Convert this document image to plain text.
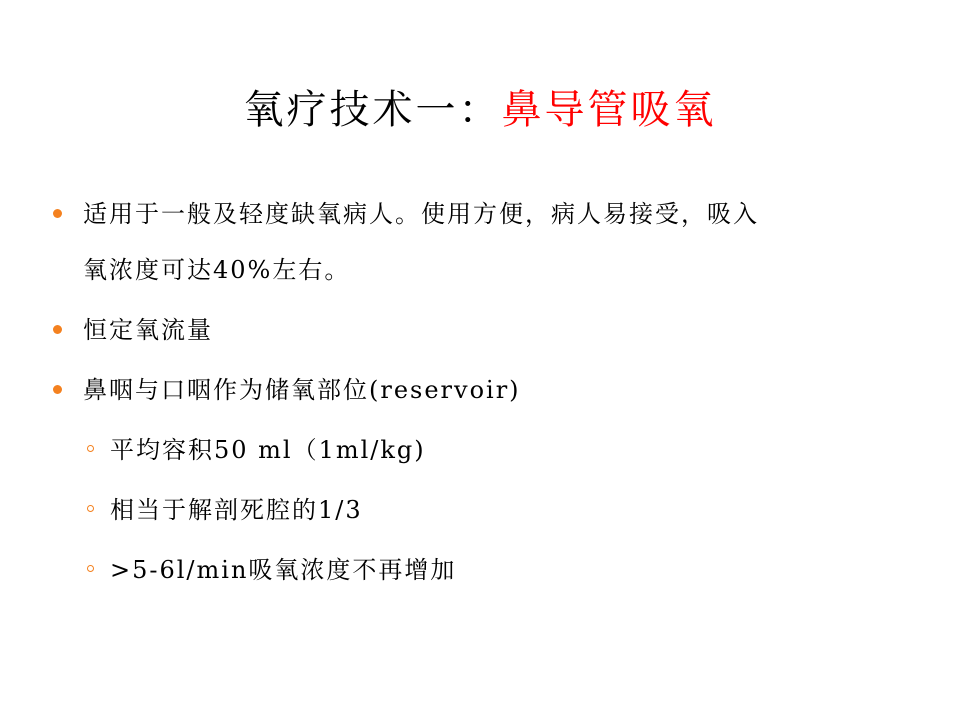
氧疗技术一：鼻导管吸氧
适用于一般及轻度缺氧病人。使用方便，病人易接受，吸入
氧浓度可达40%左右。
恒定氧流量
鼻咽与口咽作为储氧部位(reservoir)
平均容积50 ml（1ml/kg)
相当于解剖死腔的1/3
>5-6l/min吸氧浓度不再增加
